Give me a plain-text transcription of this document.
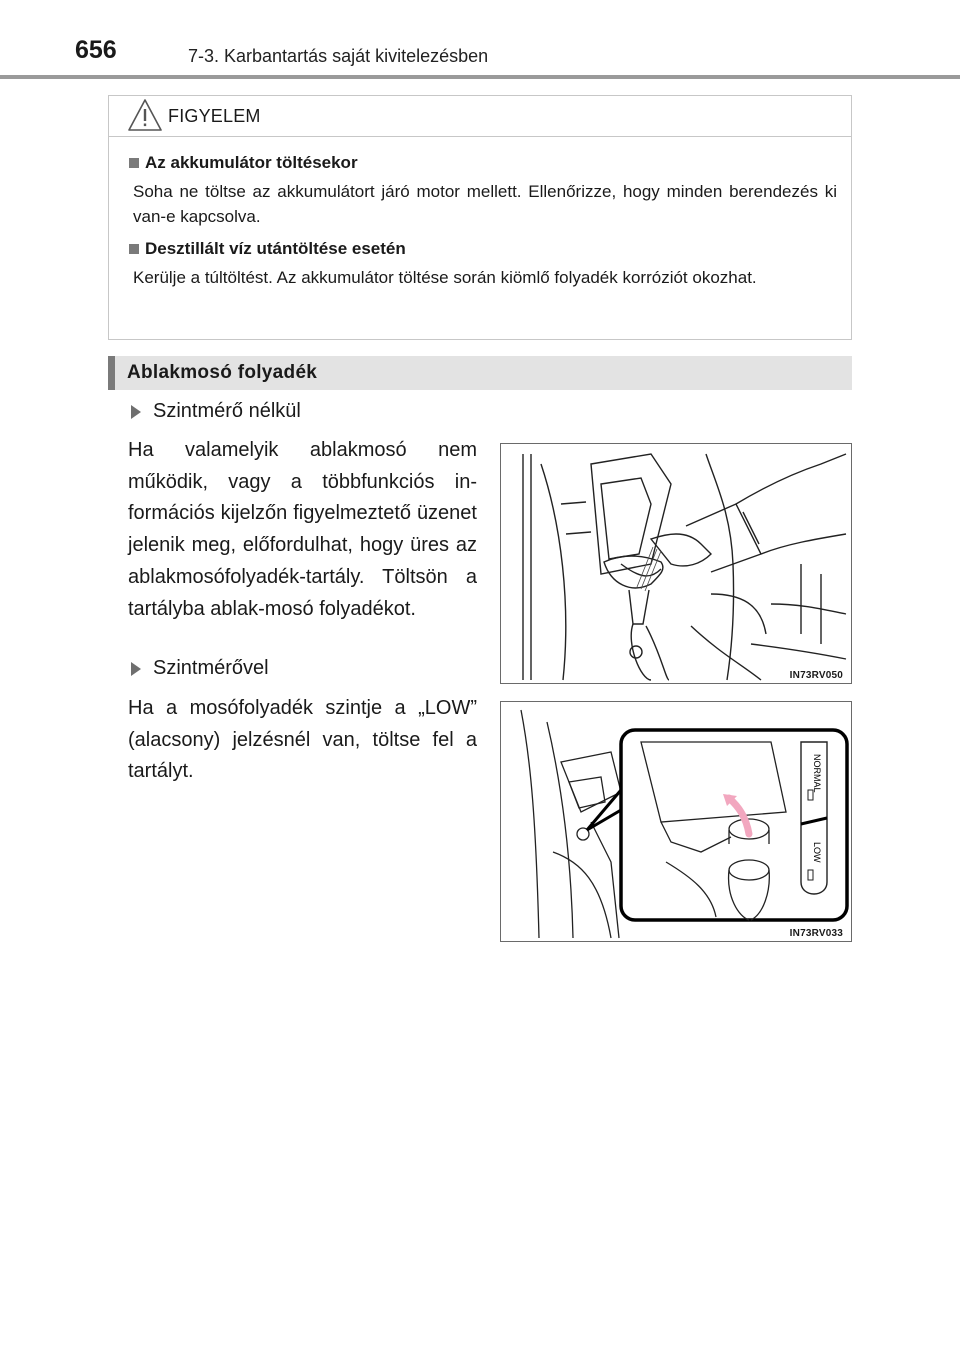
656	7-3. Karbantartás saját kivitelezésben
FIGYELEM
Az akkumulátor töltésekor

Soha ne töltse az akkumulátort járó motor mellett. Ellenőrizze, hogy minden berendezés ki van-e kapcsolva.

Desztillált víz utántöltése esetén

Kerülje a túltöltést. Az akkumulátor töltése során kiömlő folyadék korróziót okozhat.

Ablakmosó folyadék
Szintmérő nélkül

Ha valamelyik ablakmosó nem működik, vagy a többfunkciós in-formációs kijelzőn figyelmeztető üzenet jelenik meg, előfordulhat, hogy üres az ablakmosófolyadék-tartály. Töltsön a tartályba ablak-mosó folyadékot.

Szintmérővel

Ha a mosófolyadék szintje a „LOW” (alacsony) jelzésnél van, töltse fel a tartályt.

IN73RV050
NORMAL
LOW
IN73RV033
